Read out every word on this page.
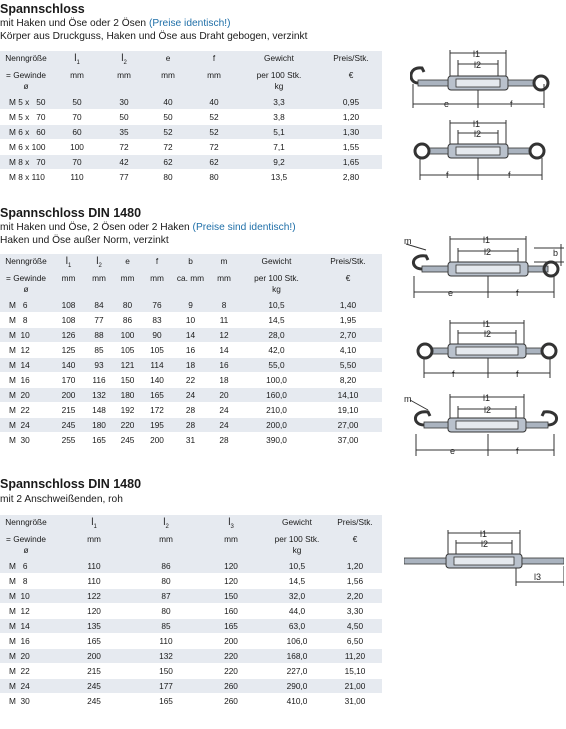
Spannschloss
mit Haken und Öse oder 2 Ösen (Preise identisch!)
Körper aus Druckguss, Haken und Öse aus Draht gebogen, verzinkt
Nenngröße	$l_1$	$l_2$	e	f	Gewicht	Preis/Stk.
= Gewinde	mm	mm	mm	mm	per 100 Stk.	€
ø					kg	
M 5 x   50	50	30	40	40	3,3	0,95
M 5 x   70	70	50	50	52	3,8	1,20
M 6 x   60	60	35	52	52	5,1	1,30
M 6 x 100	100	72	72	72	7,1	1,55
M 8 x   70	70	42	62	62	9,2	1,65
M 8 x 110	110	77	80	80	13,5	2,80
Spannschloss DIN 1480
mit Haken und Öse, 2 Ösen oder 2 Haken (Preise sind identisch!)
Haken und Öse außer Norm, verzinkt
Nenngröße	$l_1$	$l_2$	e	f	b	m	Gewicht	Preis/Stk.
= Gewinde	mm	mm	mm	mm	ca. mm	mm	per 100 Stk.	€
ø							kg	
M   6	108	84	80	76	9	8	10,5	1,40
M   8	108	77	86	83	10	11	14,5	1,95
M  10	126	88	100	90	14	12	28,0	2,70
M  12	125	85	105	105	16	14	42,0	4,10
M  14	140	93	121	114	18	16	55,0	5,50
M  16	170	116	150	140	22	18	100,0	8,20
M  20	200	132	180	165	24	20	160,0	14,10
M  22	215	148	192	172	28	24	210,0	19,10
M  24	245	180	220	195	28	24	200,0	27,00
M  30	255	165	245	200	31	28	390,0	37,00
Spannschloss DIN 1480
mit 2 Anschweißenden, roh
Nenngröße	$l_1$	$l_2$	$l_3$	Gewicht	Preis/Stk.
= Gewinde	mm	mm	mm	per 100 Stk.	€
ø				kg	
M   6	110	86	120	10,5	1,20
M   8	110	80	120	14,5	1,56
M  10	122	87	150	32,0	2,20
M  12	120	80	160	44,0	3,30
M  14	135	85	165	63,0	4,50
M  16	165	110	200	106,0	6,50
M  20	200	132	220	168,0	11,20
M  22	215	150	220	227,0	15,10
M  24	245	177	260	290,0	21,00
M  30	245	165	260	410,0	31,00
l1
l2
e	f
l1
l2
f	f
m
b
l1
l2
e	f
l1
l2
f	f
m	l1
l2
e	f
l1
l2
l3
